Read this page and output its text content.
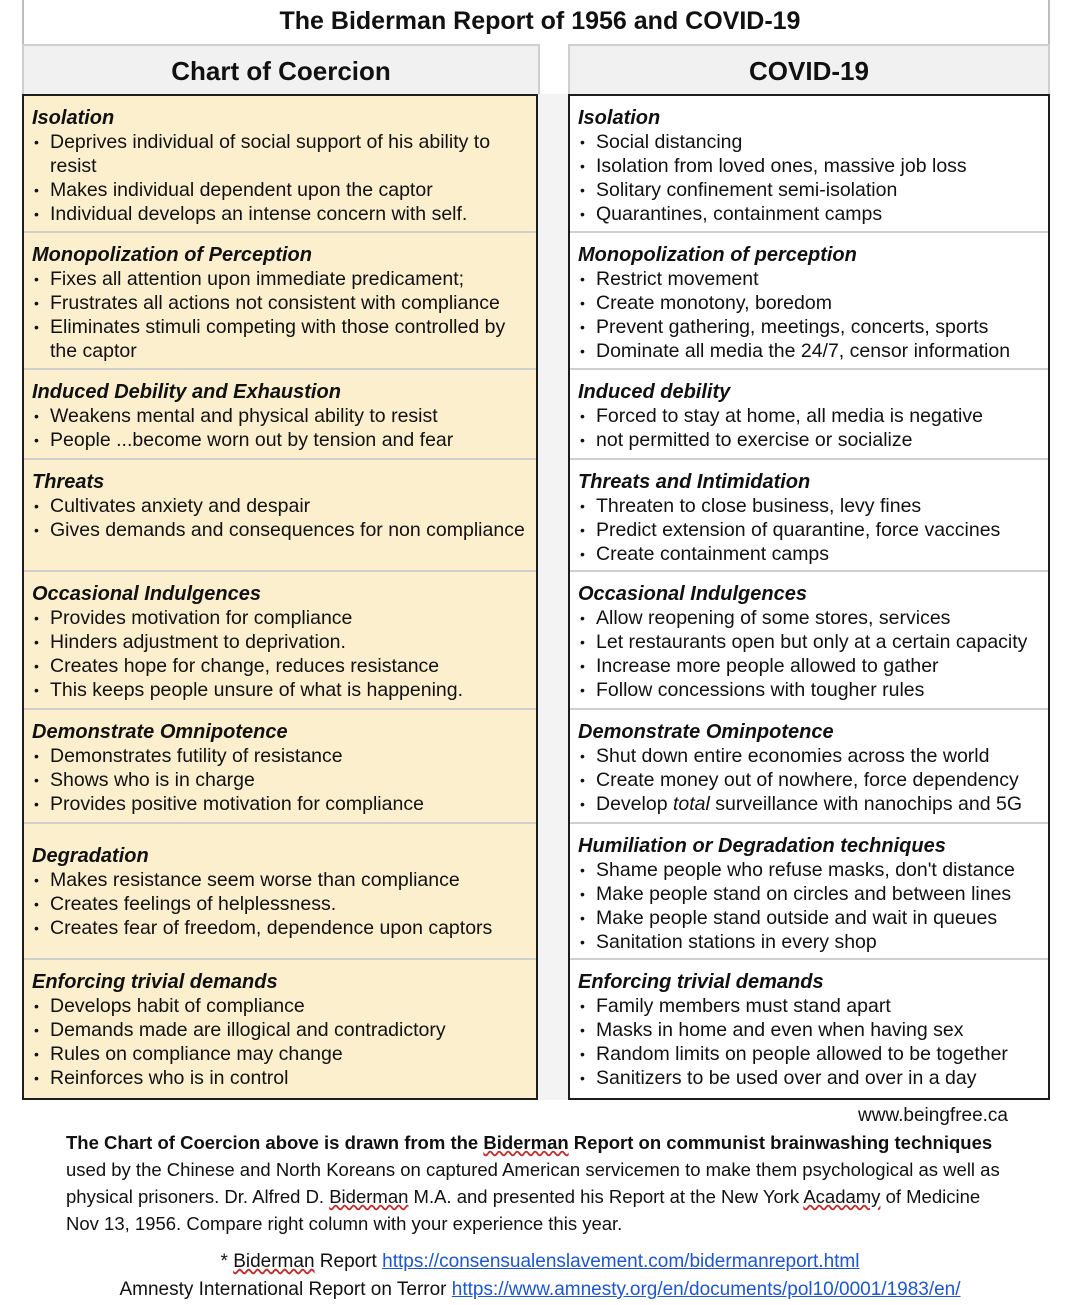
The Biderman Report of 1956 and COVID-19
Chart of Coercion	COVID-19
Isolation
• Deprives individual of social support of his ability to resist
• Makes individual dependent upon the captor
• Individual develops an intense concern with self.
Monopolization of Perception
• Fixes all attention upon immediate predicament;
• Frustrates all actions not consistent with compliance
• Eliminates stimuli competing with those controlled by the captor
Induced Debility and Exhaustion
• Weakens mental and physical ability to resist
• People ...become worn out by tension and fear
Threats
• Cultivates anxiety and despair
• Gives demands and consequences for non compliance
Occasional Indulgences
• Provides motivation for compliance
• Hinders adjustment to deprivation.
• Creates hope for change, reduces resistance
• This keeps people unsure of what is happening.
Demonstrate Omnipotence
• Demonstrates futility of resistance
• Shows who is in charge
• Provides positive motivation for compliance
Degradation
• Makes resistance seem worse than compliance
• Creates feelings of helplessness.
• Creates fear of freedom, dependence upon captors
Enforcing trivial demands
• Develops habit of compliance
• Demands made are illogical and contradictory
• Rules on compliance may change
• Reinforces who is in control
Isolation
• Social distancing
• Isolation from loved ones, massive job loss
• Solitary confinement semi-isolation
• Quarantines, containment camps
Monopolization of perception
• Restrict movement
• Create monotony, boredom
• Prevent gathering, meetings, concerts, sports
• Dominate all media the 24/7, censor information
Induced debility
• Forced to stay at home, all media is negative
• not permitted to exercise or socialize
Threats and Intimidation
• Threaten to close business, levy fines
• Predict extension of quarantine, force vaccines
• Create containment camps
Occasional Indulgences
• Allow reopening of some stores, services
• Let restaurants open but only at a certain capacity
• Increase more people allowed to gather
• Follow concessions with tougher rules
Demonstrate Ominpotence
• Shut down entire economies across the world
• Create money out of nowhere, force dependency
• Develop total surveillance with nanochips and 5G
Humiliation or Degradation techniques
• Shame people who refuse masks, don't distance
• Make people stand on circles and between lines
• Make people stand outside and wait in queues
• Sanitation stations in every shop
Enforcing trivial demands
• Family members must stand apart
• Masks in home and even when having sex
• Random limits on people allowed to be together
• Sanitizers to be used over and over in a day
www.beingfree.ca
The Chart of Coercion above is drawn from the Biderman Report on communist brainwashing techniques used by the Chinese and North Koreans on captured American servicemen to make them psychological as well as physical prisoners. Dr. Alfred D. Biderman M.A. and presented his Report at the New York Acadamy of Medicine Nov 13, 1956. Compare right column with your experience this year.
* Biderman Report https://consensualenslavement.com/bidermanreport.html
Amnesty International Report on Terror https://www.amnesty.org/en/documents/pol10/0001/1983/en/
